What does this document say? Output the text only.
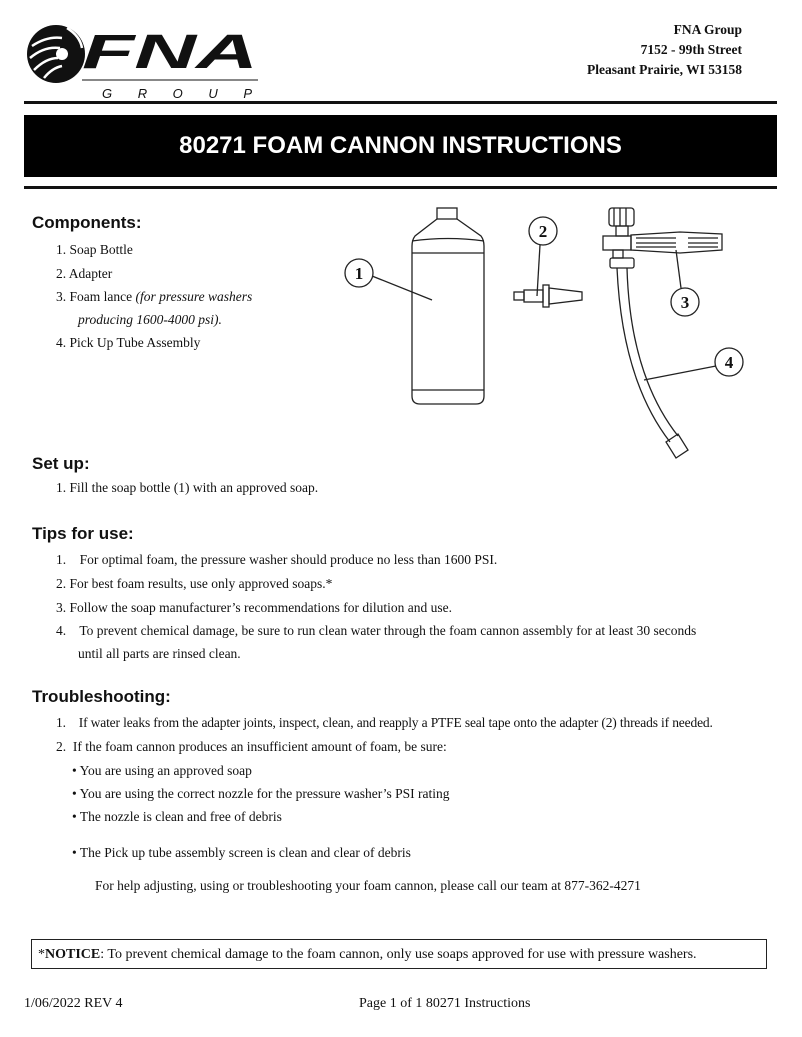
FNA
GROUP
FNA Group
7152 - 99th Street
Pleasant Prairie, WI 53158
80271 FOAM CANNON INSTRUCTIONS
Components:
1. Soap Bottle
2. Adapter
3. Foam lance (for pressure washers
producing 1600-4000 psi).
4. Pick Up Tube Assembly
1
2
3
4
Set up:
1. Fill the soap bottle (1) with an approved soap.
Tips for use:
1.    For optimal foam, the pressure washer should produce no less than 1600 PSI.
2. For best foam results, use only approved soaps.*
3. Follow the soap manufacturer’s recommendations for dilution and use.
4.    To prevent chemical damage, be sure to run clean water through the foam cannon assembly for at least 30 seconds
until all parts are rinsed clean.
Troubleshooting:
1.    If water leaks from the adapter joints, inspect, clean, and reapply a PTFE seal tape onto the adapter (2) threads if needed.
2.  If the foam cannon produces an insufficient amount of foam, be sure:
• You are using an approved soap
• You are using the correct nozzle for the pressure washer’s PSI rating
• The nozzle is clean and free of debris
• The Pick up tube assembly screen is clean and clear of debris
For help adjusting, using or troubleshooting your foam cannon, please call our team at 877-362-4271
* NOTICE : To prevent chemical damage to the foam cannon, only use soaps approved for use with pressure washers.
1/06/2022 REV 4	Page 1 of 1 80271 Instructions
